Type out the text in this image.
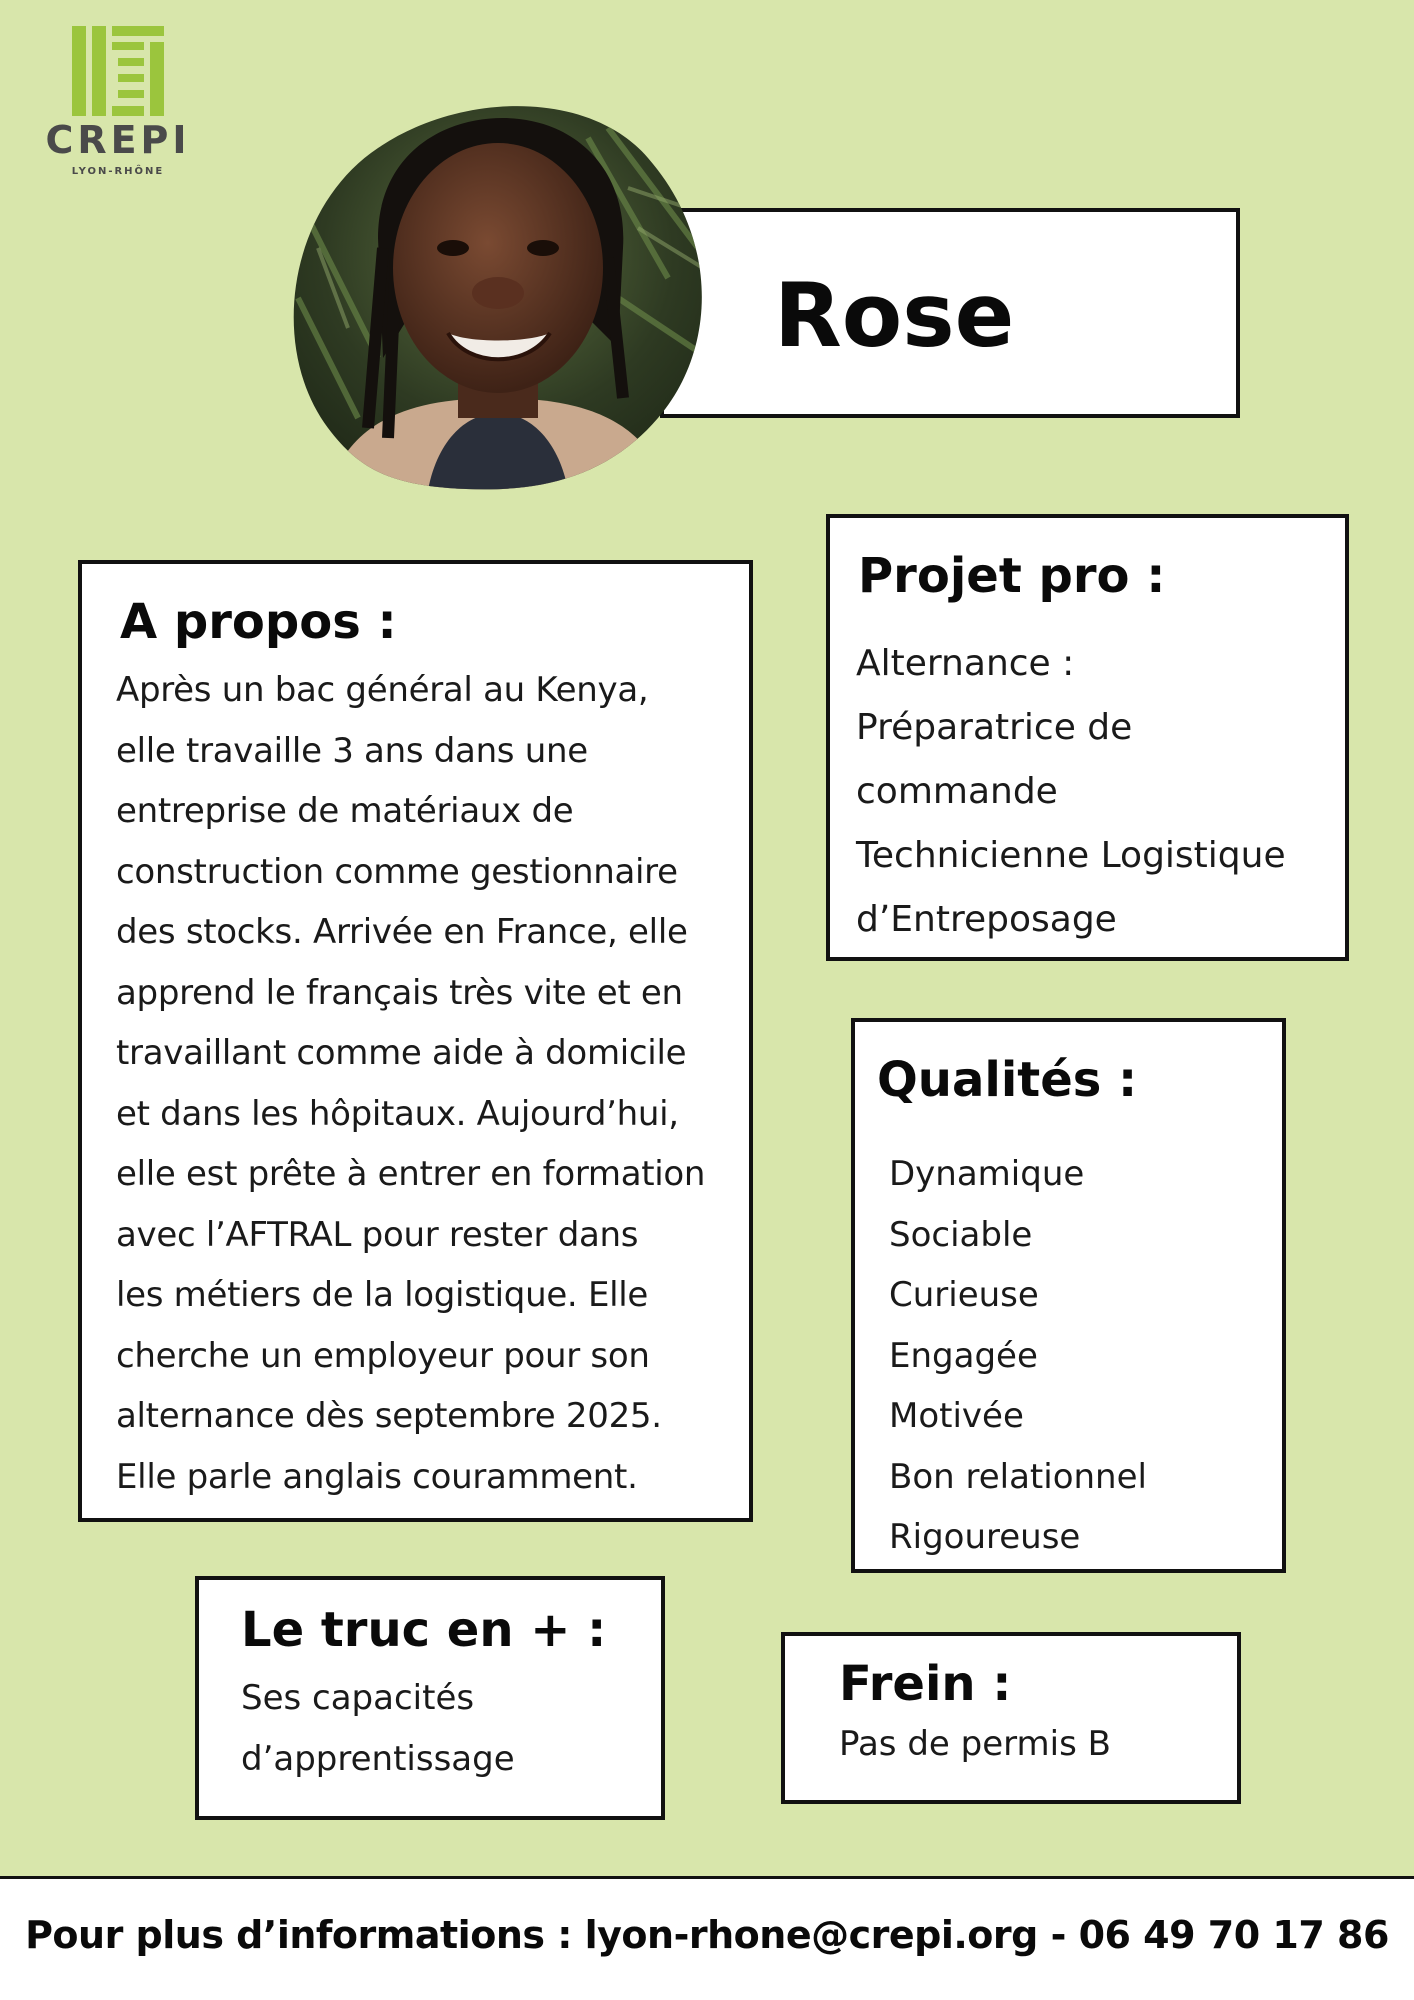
CREPI
LYON-RHÔNE
Rose
A propos :

Après un bac général au Kenya,

elle travaille 3 ans dans une

entreprise de matériaux de

construction comme gestionnaire

des stocks. Arrivée en France, elle

apprend le français très vite et en

travaillant comme aide à domicile

et dans les hôpitaux. Aujourd’hui,

elle est prête à entrer en formation

avec l’AFTRAL pour rester dans

les métiers de la logistique. Elle

cherche un employeur pour son

alternance dès septembre 2025.

Elle parle anglais couramment.

Projet pro :
Alternance :
Préparatrice de
commande
Technicienne Logistique
d’Entreposage
Qualités :
Dynamique
Sociable
Curieuse
Engagée
Motivée
Bon relationnel
Rigoureuse
Le truc en + :
Ses capacités
d’apprentissage
Frein :
Pas de permis B
Pour plus d’informations : lyon-rhone@crepi.org - 06 49 70 17 86
